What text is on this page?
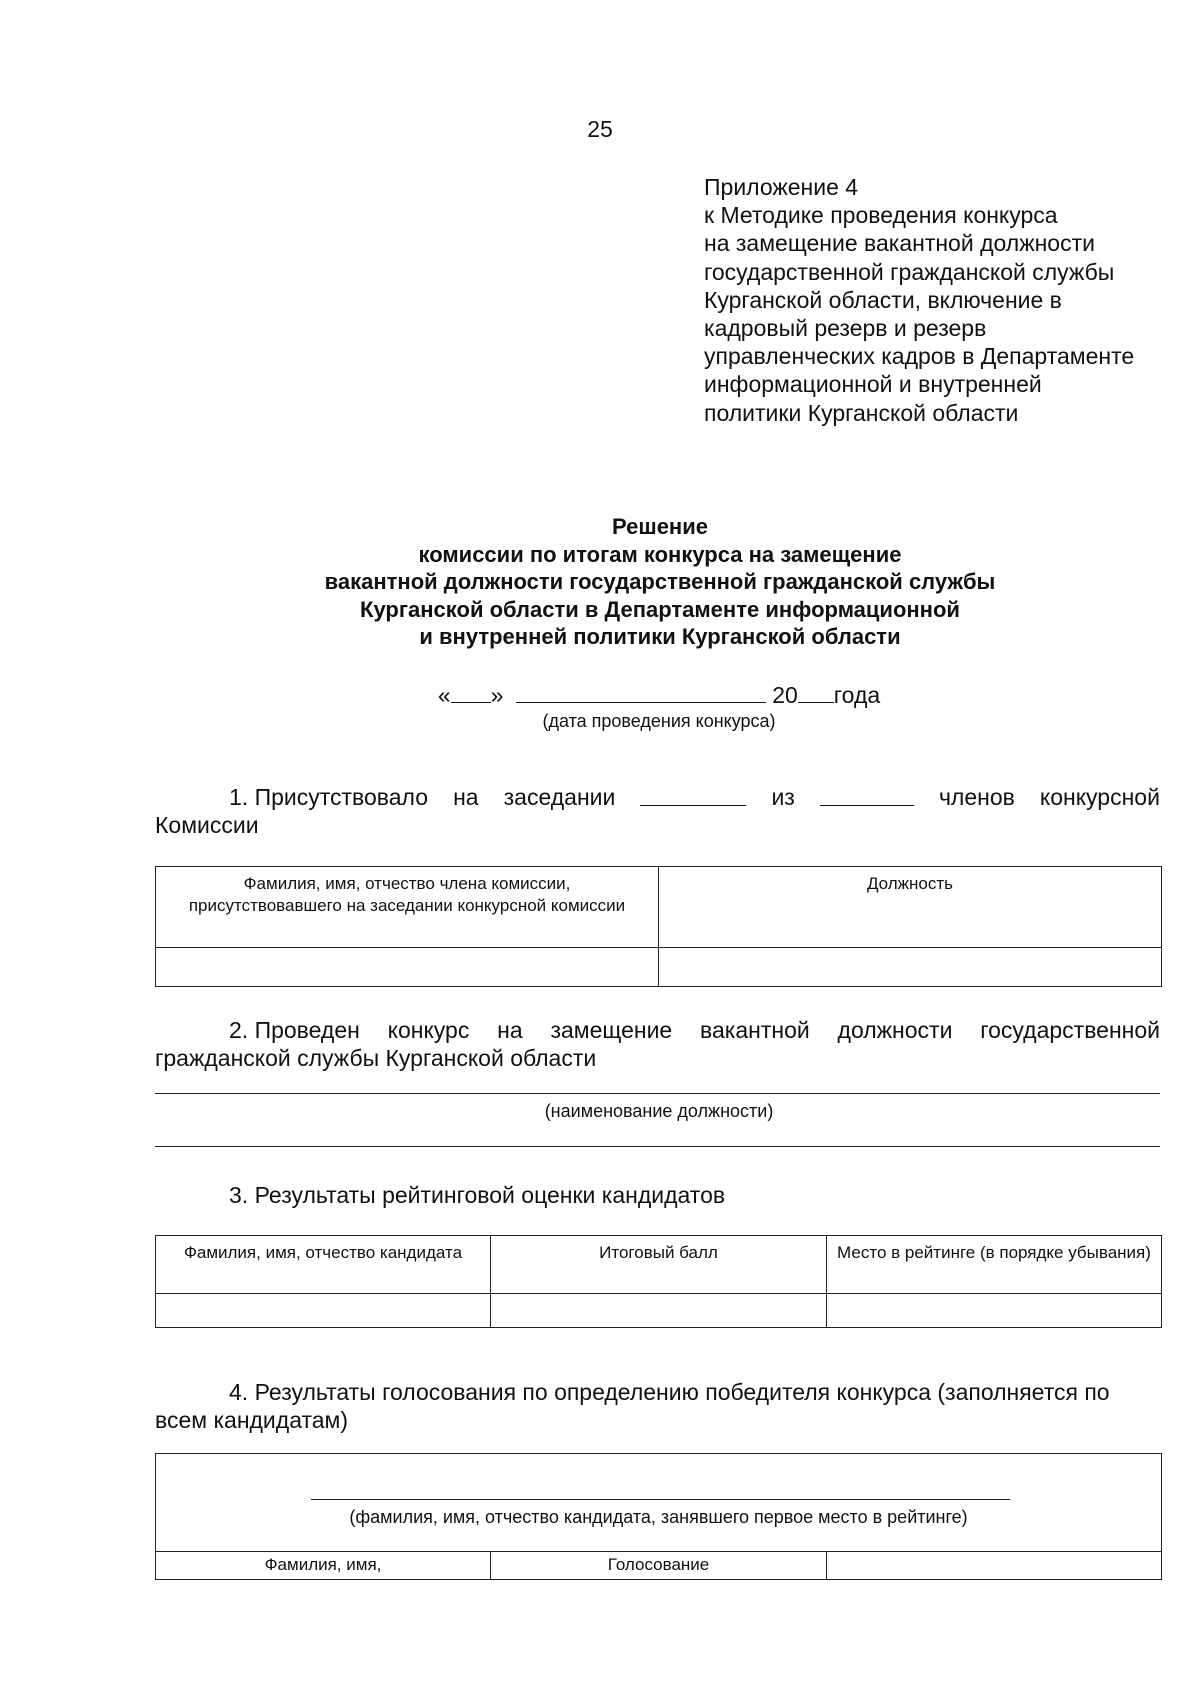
25
Приложение 4
к Методике проведения конкурса
на замещение вакантной должности
государственной гражданской службы
Курганской области, включение в
кадровый резерв и резерв
управленческих кадров в Департаменте
информационной и внутренней
политики Курганской области
Решение
комиссии по итогам конкурса на замещение
вакантной должности государственной гражданской службы
Курганской области в Департаменте информационной
и внутренней политики Курганской области
« »	20 года
(дата проведения конкурса)
1. Присутствовало на заседании	из	членов конкурсной
Комиссии
Фамилия, имя, отчество члена комиссии, присутствовавшего на заседании конкурсной комиссии	Должность

2. Проведен конкурс на замещение вакантной должности государственной
гражданской службы Курганской области
(наименование должности)
3. Результаты рейтинговой оценки кандидатов
Фамилия, имя, отчество кандидата	Итоговый балл	Место в рейтинге (в порядке убывания)

4. Результаты голосования по определению победителя конкурса (заполняется по
всем кандидатам)
(фамилия, имя, отчество кандидата, занявшего первое место в рейтинге)
Фамилия, имя,	Голосование	
